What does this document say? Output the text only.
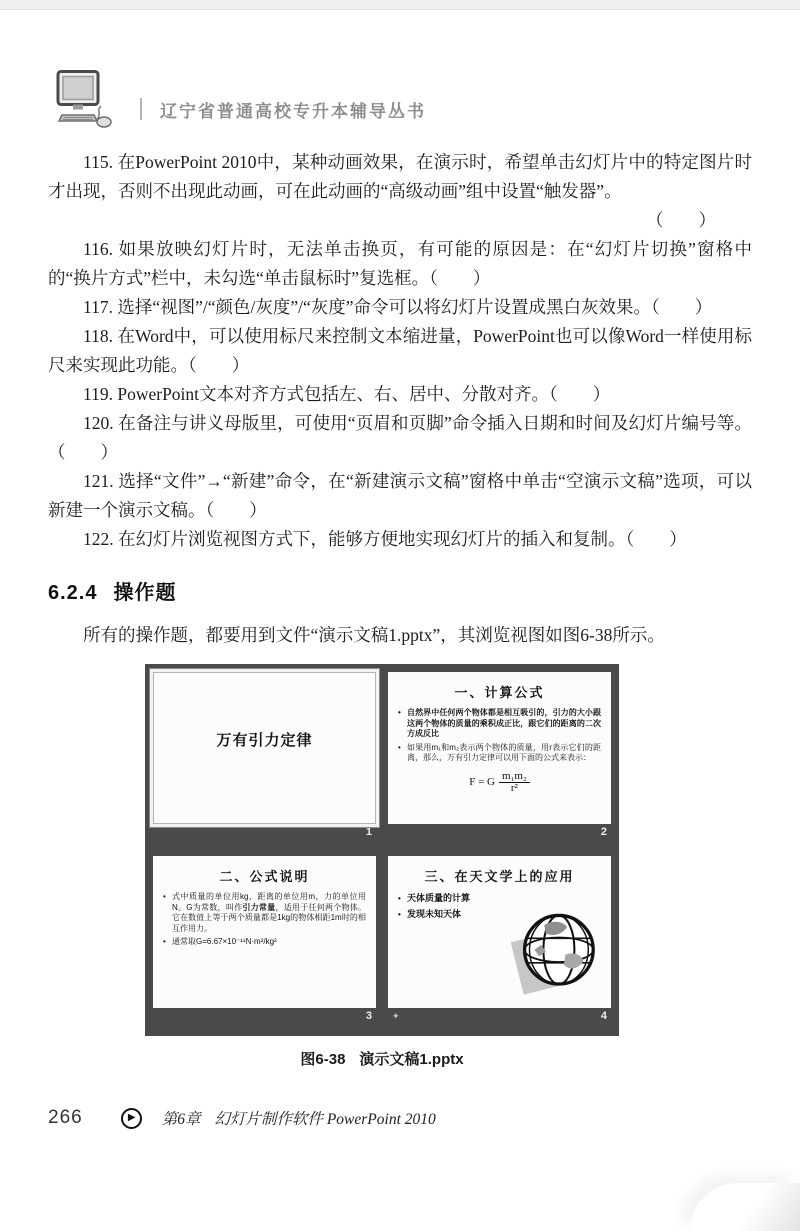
辽宁省普通高校专升本辅导丛书

115. 在PowerPoint 2010中，某种动画效果，在演示时，希望单击幻灯片中的特定图片时才出现，否则不出现此动画，可在此动画的“高级动画”组中设置“触发器”。

（　　）

116. 如果放映幻灯片时，无法单击换页，有可能的原因是：在“幻灯片切换”窗格中的“换片方式”栏中，未勾选“单击鼠标时”复选框。（　　）

117. 选择“视图”/“颜色/灰度”/“灰度”命令可以将幻灯片设置成黑白灰效果。（　　）

118. 在Word中，可以使用标尺来控制文本缩进量，PowerPoint也可以像Word一样使用标尺来实现此功能。（　　）

119. PowerPoint文本对齐方式包括左、右、居中、分散对齐。（　　）

120. 在备注与讲义母版里，可使用“页眉和页脚”命令插入日期和时间及幻灯片编号等。（　　）

121. 选择“文件”→“新建”命令，在“新建演示文稿”窗格中单击“空演示文稿”选项，可以新建一个演示文稿。（　　）

122. 在幻灯片浏览视图方式下，能够方便地实现幻灯片的插入和复制。（　　）

6.2.4 操作题

所有的操作题，都要用到文件“演示文稿1.pptx”，其浏览视图如图6-38所示。

万有引力定律
1
一、计算公式
• 自然界中任何两个物体都是相互吸引的，引力的大小跟这两个物体的质量的乘积成正比，跟它们的距离的二次方成反比
• 如果用m₁和m₂表示两个物体的质量，用r表示它们的距离，那么，万有引力定律可以用下面的公式来表示：
F = G $\frac{\text{m₁m₂}}{\text{r²}}$
2
二、公式说明
• 式中质量的单位用kg，距离的单位用m，力的单位用N。G为常数，叫作引力常量，适用于任何两个物体。它在数值上等于两个质量都是1kg的物体相距1m时的相互作用力。
• 通常取G=6.67×10⁻¹¹N·m²/kg²
3
三、在天文学上的应用
• 天体质量的计算
• 发现未知天体
✦	4
图6-38 演示文稿1.pptx
266	▶ 第6章 幻灯片制作软件 PowerPoint 2010
